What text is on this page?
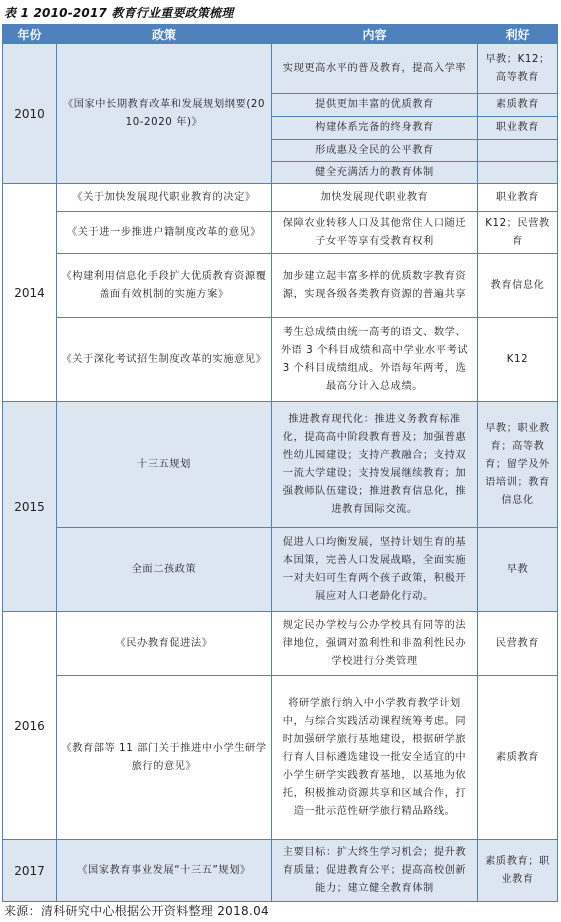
表 1 2010-2017 教育行业重要政策梳理
年份	政策	内容	利好
2010	《国家中长期教育改革和发展规划纲要(2010-2020 年)》	实现更高水平的普及教育，提高入学率	早教；K12；高等教育
		提供更加丰富的优质教育	素质教育
		构建体系完备的终身教育	职业教育
		形成惠及全民的公平教育	
		健全充满活力的教育体制	
2014	《关于加快发展现代职业教育的决定》	加快发展现代职业教育	职业教育
	《关于进一步推进户籍制度改革的意见》	保障农业转移人口及其他常住人口随迁子女平等享有受教育权利	K12；民营教育
	《构建利用信息化手段扩大优质教育资源覆盖面有效机制的实施方案》	加步建立起丰富多样的优质数字教育资源，实现各级各类教育资源的普遍共享	教育信息化
	《关于深化考试招生制度改革的实施意见》	考生总成绩由统一高考的语文、数学、外语 3 个科目成绩和高中学业水平考试 3 个科目成绩组成。外语每年两考，选最高分计入总成绩。	K12
2015	十三五规划	推进教育现代化：推进义务教育标准化，提高高中阶段教育普及；加强普惠性幼儿园建设；支持产教融合；支持双一流大学建设；支持发展继续教育；加强教师队伍建设；推进教育信息化，推进教育国际交流。	早教；职业教育；高等教育；留学及外语培训；教育信息化
	全面二孩政策	促进人口均衡发展，坚持计划生育的基本国策，完善人口发展战略，全面实施一对夫妇可生育两个孩子政策，积极开展应对人口老龄化行动。	早教
2016	《民办教育促进法》	规定民办学校与公办学校具有同等的法律地位，强调对盈利性和非盈利性民办学校进行分类管理	民营教育
	《教育部等 11 部门关于推进中小学生研学旅行的意见》	将研学旅行纳入中小学教育教学计划中，与综合实践活动课程统筹考虑。同时加强研学旅行基地建设，根据研学旅行育人目标遴选建设一批安全适宜的中小学生研学实践教育基地，以基地为依托，积极推动资源共享和区域合作，打造一批示范性研学旅行精品路线。	素质教育
2017	《国家教育事业发展“十三五”规划》	主要目标：扩大终生学习机会；提升教育质量；促进教育公平；提高高校创新能力；建立健全教育体制	素质教育；职业教育
来源：清科研究中心根据公开资料整理 2018.04
